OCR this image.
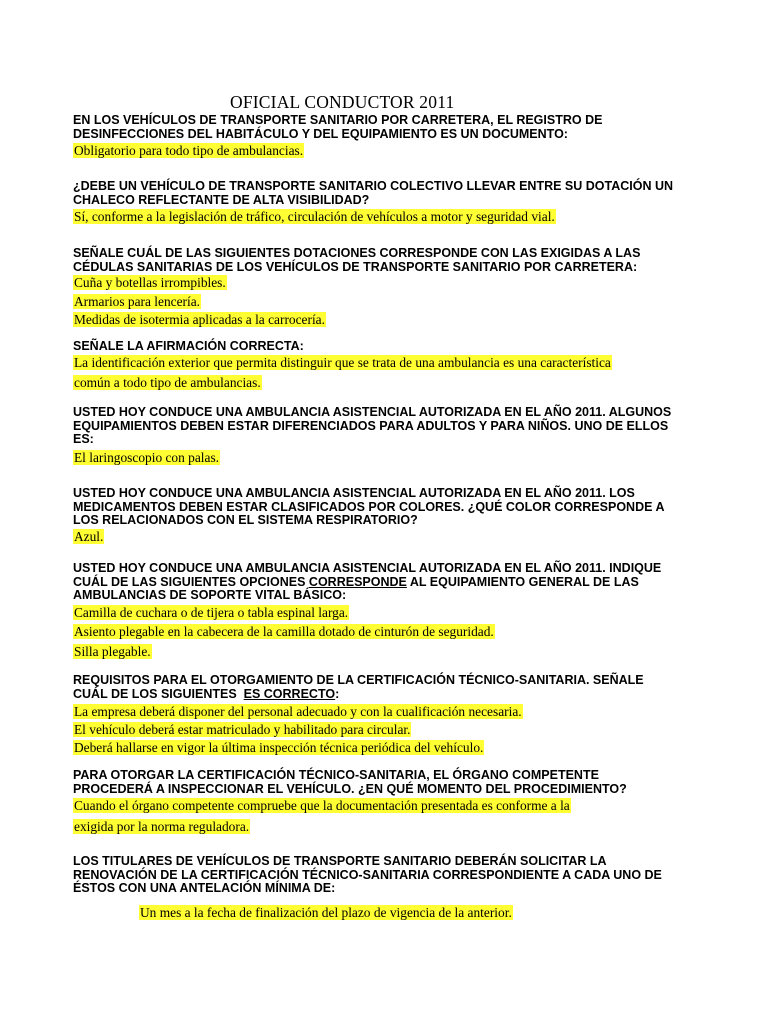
OFICIAL CONDUCTOR 2011
EN LOS VEHÍCULOS DE TRANSPORTE SANITARIO POR CARRETERA, EL REGISTRO DE
DESINFECCIONES DEL HABITÁCULO Y DEL EQUIPAMIENTO ES UN DOCUMENTO:
Obligatorio para todo tipo de ambulancias.
¿DEBE UN VEHÍCULO DE TRANSPORTE SANITARIO COLECTIVO LLEVAR ENTRE SU DOTACIÓN UN
CHALECO REFLECTANTE DE ALTA VISIBILIDAD?
Sí, conforme a la legislación de tráfico, circulación de vehículos a motor y seguridad vial.
SEÑALE CUÁL DE LAS SIGUIENTES DOTACIONES CORRESPONDE CON LAS EXIGIDAS A LAS
CÉDULAS SANITARIAS DE LOS VEHÍCULOS DE TRANSPORTE SANITARIO POR CARRETERA:
Cuña y botellas irrompibles.
Armarios para lencería.
Medidas de isotermia aplicadas a la carrocería.
SEÑALE LA AFIRMACIÓN CORRECTA:
La identificación exterior que permita distinguir que se trata de una ambulancia es una característica
común a todo tipo de ambulancias.
USTED HOY CONDUCE UNA AMBULANCIA ASISTENCIAL AUTORIZADA EN EL AÑO 2011. ALGUNOS
EQUIPAMIENTOS DEBEN ESTAR DIFERENCIADOS PARA ADULTOS Y PARA NIÑOS. UNO DE ELLOS
ES:
El laringoscopio con palas.
USTED HOY CONDUCE UNA AMBULANCIA ASISTENCIAL AUTORIZADA EN EL AÑO 2011. LOS
MEDICAMENTOS DEBEN ESTAR CLASIFICADOS POR COLORES. ¿QUÉ COLOR CORRESPONDE A
LOS RELACIONADOS CON EL SISTEMA RESPIRATORIO?
Azul.
USTED HOY CONDUCE UNA AMBULANCIA ASISTENCIAL AUTORIZADA EN EL AÑO 2011. INDIQUE
CUÁL DE LAS SIGUIENTES OPCIONES CORRESPONDE AL EQUIPAMIENTO GENERAL DE LAS
AMBULANCIAS DE SOPORTE VITAL BÁSICO:
Camilla de cuchara o de tijera o tabla espinal larga.
Asiento plegable en la cabecera de la camilla dotado de cinturón de seguridad.
Silla plegable.
REQUISITOS PARA EL OTORGAMIENTO DE LA CERTIFICACIÓN TÉCNICO-SANITARIA. SEÑALE
CUÁL DE LOS SIGUIENTES  ES CORRECTO:
La empresa deberá disponer del personal adecuado y con la cualificación necesaria.
El vehículo deberá estar matriculado y habilitado para circular.
Deberá hallarse en vigor la última inspección técnica periódica del vehículo.
PARA OTORGAR LA CERTIFICACIÓN TÉCNICO-SANITARIA, EL ÓRGANO COMPETENTE
PROCEDERÁ A INSPECCIONAR EL VEHÍCULO. ¿EN QUÉ MOMENTO DEL PROCEDIMIENTO?
Cuando el órgano competente compruebe que la documentación presentada es conforme a la
exigida por la norma reguladora.
LOS TITULARES DE VEHÍCULOS DE TRANSPORTE SANITARIO DEBERÁN SOLICITAR LA
RENOVACIÓN DE LA CERTIFICACIÓN TÉCNICO-SANITARIA CORRESPONDIENTE A CADA UNO DE
ÉSTOS CON UNA ANTELACIÓN MÍNIMA DE:
Un mes a la fecha de finalización del plazo de vigencia de la anterior.
